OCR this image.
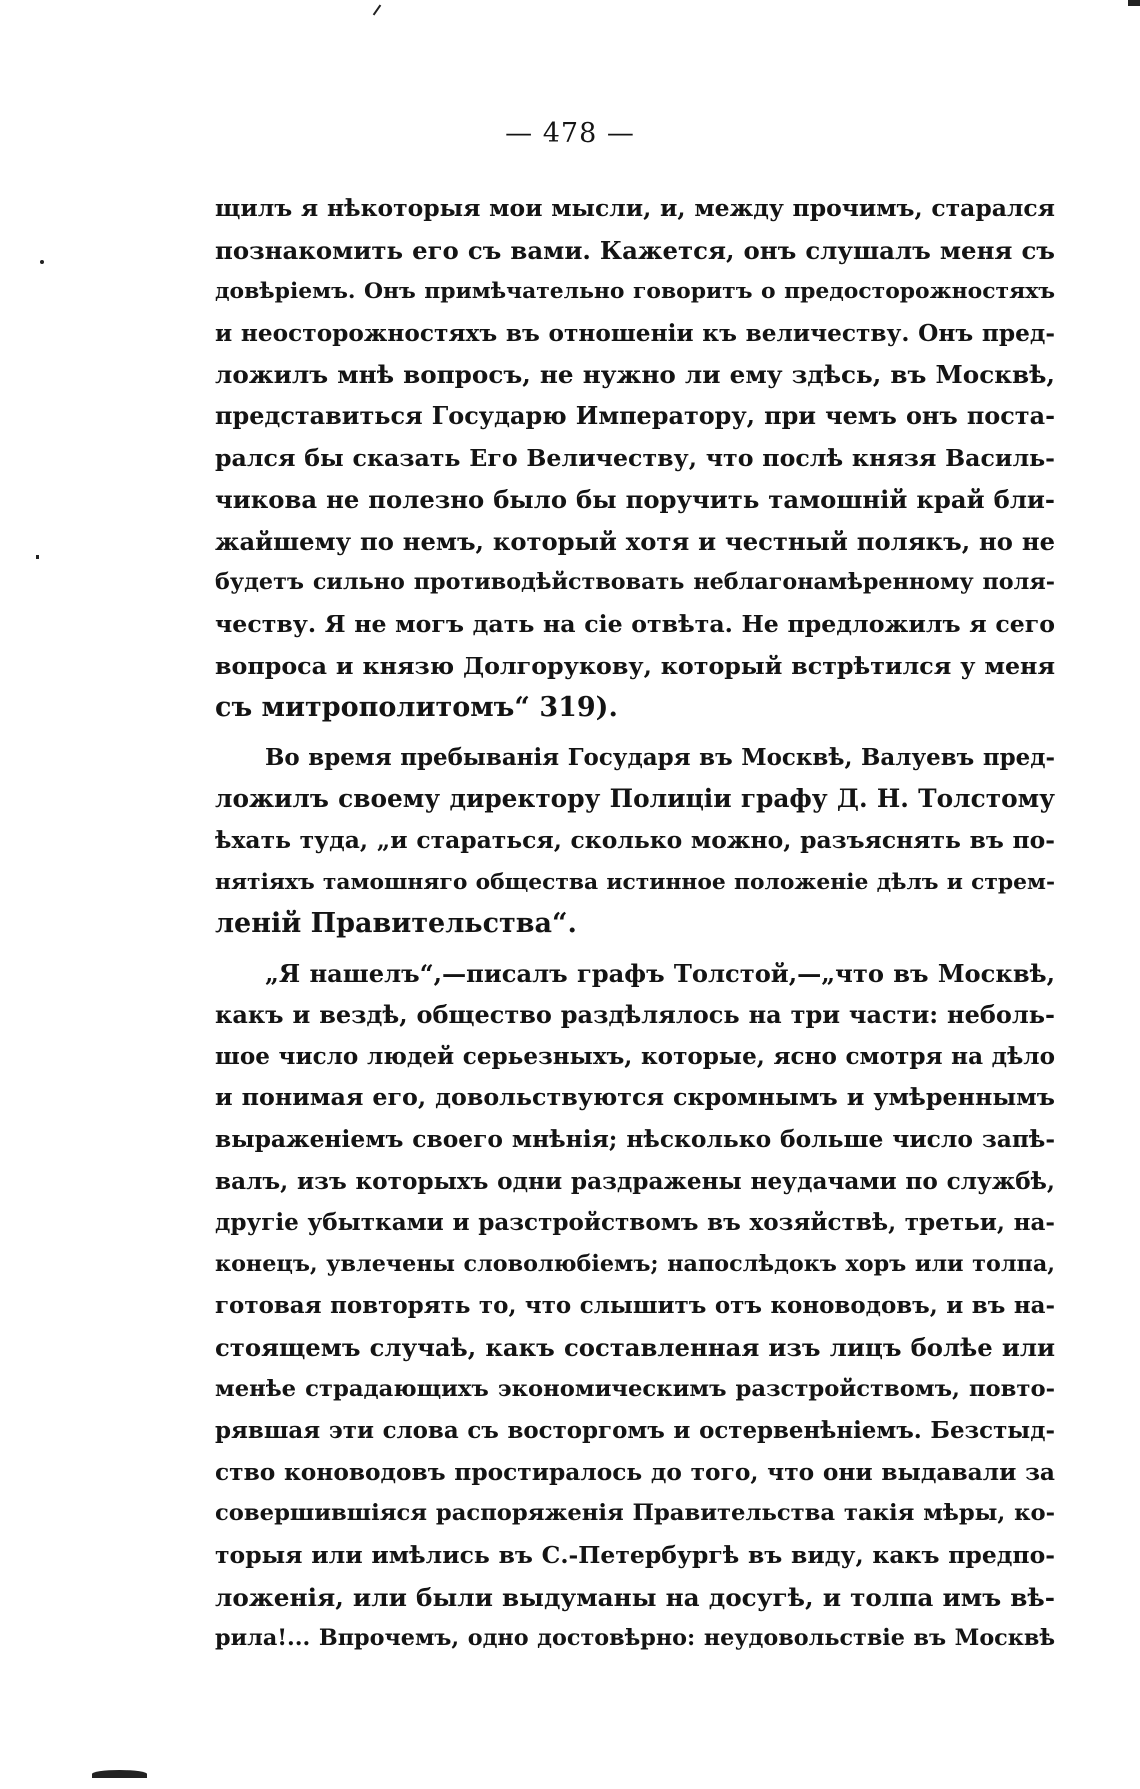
— 478 —
щилъ я нѣкоторыя мои мысли, и, между прочимъ, старался
познакомить его съ вами. Кажется, онъ слушалъ меня съ
довѣріемъ. Онъ примѣчательно говоритъ о предосторожностяхъ
и неосторожностяхъ въ отношеніи къ величеству. Онъ пред-
ложилъ мнѣ вопросъ, не нужно ли ему здѣсь, въ Москвѣ,
представиться Государю Императору, при чемъ онъ поста-
рался бы сказать Его Величеству, что послѣ князя Василь-
чикова не полезно было бы поручить тамошній край бли-
жайшему по немъ, который хотя и честный полякъ, но не
будетъ сильно противодѣйствовать неблагонамѣренному поля-
честву. Я не могъ дать на сіе отвѣта. Не предложилъ я сего
вопроса и князю Долгорукову, который встрѣтился у меня
съ митрополитомъ“ 319).
Во время пребыванія Государя въ Москвѣ, Валуевъ пред-
ложилъ своему директору Полиціи графу Д. Н. Толстому
ѣхать туда, „и стараться, сколько можно, разъяснять въ по-
нятіяхъ тамошняго общества истинное положеніе дѣлъ и стрем-
леній Правительства“.
„Я нашелъ“,—писалъ графъ Толстой,—„что въ Москвѣ,
какъ и вездѣ, общество раздѣлялось на три части: неболь-
шое число людей серьезныхъ, которые, ясно смотря на дѣло
и понимая его, довольствуются скромнымъ и умѣреннымъ
выраженіемъ своего мнѣнія; нѣсколько больше число запѣ-
валъ, изъ которыхъ одни раздражены неудачами по службѣ,
другіе убытками и разстройствомъ въ хозяйствѣ, третьи, на-
конецъ, увлечены словолюбіемъ; напослѣдокъ хоръ или толпа,
готовая повторять то, что слышитъ отъ коноводовъ, и въ на-
стоящемъ случаѣ, какъ составленная изъ лицъ болѣе или
менѣе страдающихъ экономическимъ разстройствомъ, повто-
рявшая эти слова съ восторгомъ и остервенѣніемъ. Безстыд-
ство коноводовъ простиралось до того, что они выдавали за
совершившіяся распоряженія Правительства такія мѣры, ко-
торыя или имѣлись въ С.-Петербургѣ въ виду, какъ предпо-
ложенія, или были выдуманы на досугѣ, и толпа имъ вѣ-
рила!... Впрочемъ, одно достовѣрно: неудовольствіе въ Москвѣ
